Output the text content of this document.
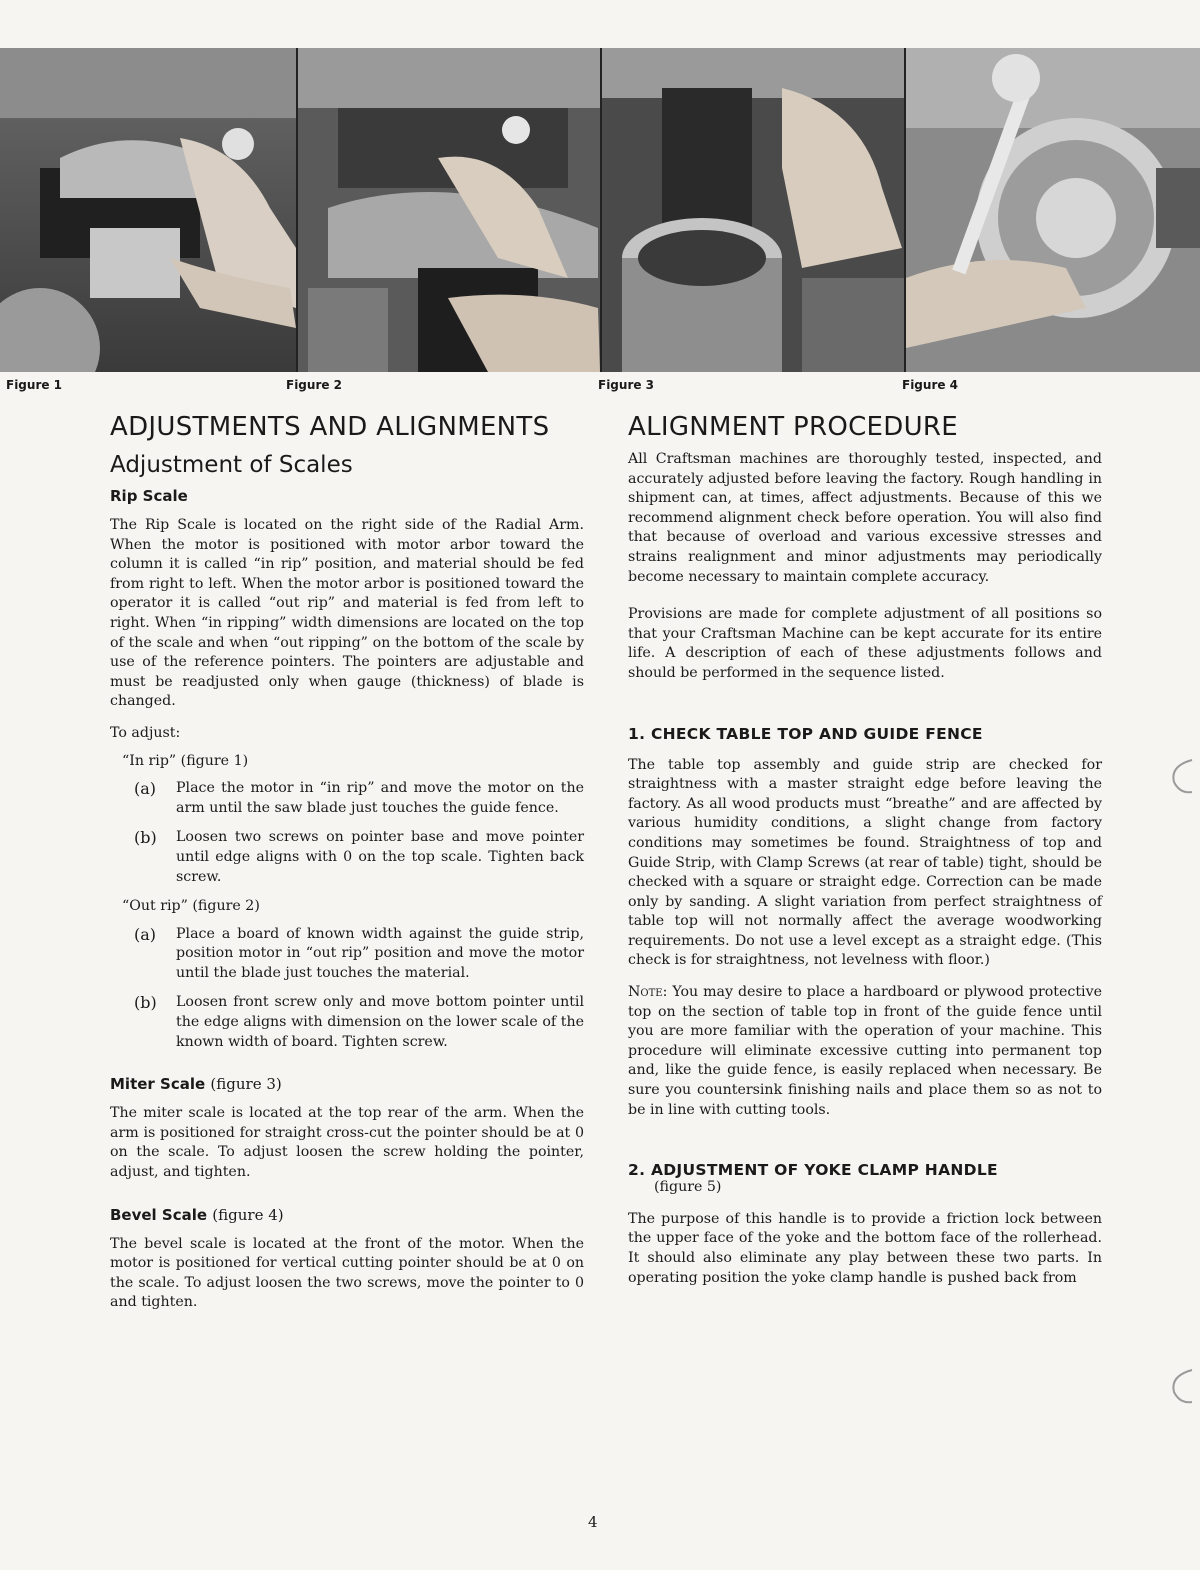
Figure 1	Figure 2	Figure 3	Figure 4
ADJUSTMENTS AND ALIGNMENTS
Adjustment of Scales
Rip Scale

The Rip Scale is located on the right side of the Radial Arm. When the motor is positioned with motor arbor toward the column it is called “in rip” position, and material should be fed from right to left. When the motor arbor is positioned toward the operator it is called “out rip” and material is fed from left to right. When “in ripping” width dimensions are located on the top of the scale and when “out ripping” on the bottom of the scale by use of the reference pointers. The pointers are adjustable and must be readjusted only when gauge (thickness) of blade is changed.

To adjust:

“In rip” (figure 1)

(a) Place the motor in “in rip” and move the motor on the arm until the saw blade just touches the guide fence.

(b) Loosen two screws on pointer base and move pointer until edge aligns with 0 on the top scale. Tighten back screw.

“Out rip” (figure 2)

(a) Place a board of known width against the guide strip, position motor in “out rip” position and move the motor until the blade just touches the material.

(b) Loosen front screw only and move bottom pointer until the edge aligns with dimension on the lower scale of the known width of board. Tighten screw.

Miter Scale (figure 3)

The miter scale is located at the top rear of the arm. When the arm is positioned for straight cross-cut the pointer should be at 0 on the scale. To adjust loosen the screw holding the pointer, adjust, and tighten.

Bevel Scale (figure 4)

The bevel scale is located at the front of the motor. When the motor is positioned for vertical cutting pointer should be at 0 on the scale. To adjust loosen the two screws, move the pointer to 0 and tighten.

ALIGNMENT PROCEDURE

All Craftsman machines are thoroughly tested, inspected, and accurately adjusted before leaving the factory. Rough handling in shipment can, at times, affect adjustments. Because of this we recommend alignment check before operation. You will also find that because of overload and various excessive stresses and strains realignment and minor adjustments may periodically become necessary to maintain complete accuracy.

Provisions are made for complete adjustment of all positions so that your Craftsman Machine can be kept accurate for its entire life. A description of each of these adjustments follows and should be performed in the sequence listed.

1. CHECK TABLE TOP AND GUIDE FENCE

The table top assembly and guide strip are checked for straightness with a master straight edge before leaving the factory. As all wood products must “breathe” and are affected by various humidity conditions, a slight change from factory conditions may sometimes be found. Straightness of top and Guide Strip, with Clamp Screws (at rear of table) tight, should be checked with a square or straight edge. Correction can be made only by sanding. A slight variation from perfect straightness of table top will not normally affect the average woodworking requirements. Do not use a level except as a straight edge. (This check is for straightness, not levelness with floor.)

Note: You may desire to place a hardboard or plywood protective top on the section of table top in front of the guide fence until you are more familiar with the operation of your machine. This procedure will eliminate excessive cutting into permanent top and, like the guide fence, is easily replaced when necessary. Be sure you countersink finishing nails and place them so as not to be in line with cutting tools.

2. ADJUSTMENT OF YOKE CLAMP HANDLE

(figure 5)

The purpose of this handle is to provide a friction lock between the upper face of the yoke and the bottom face of the rollerhead. It should also eliminate any play between these two parts. In operating position the yoke clamp handle is pushed back from

4
